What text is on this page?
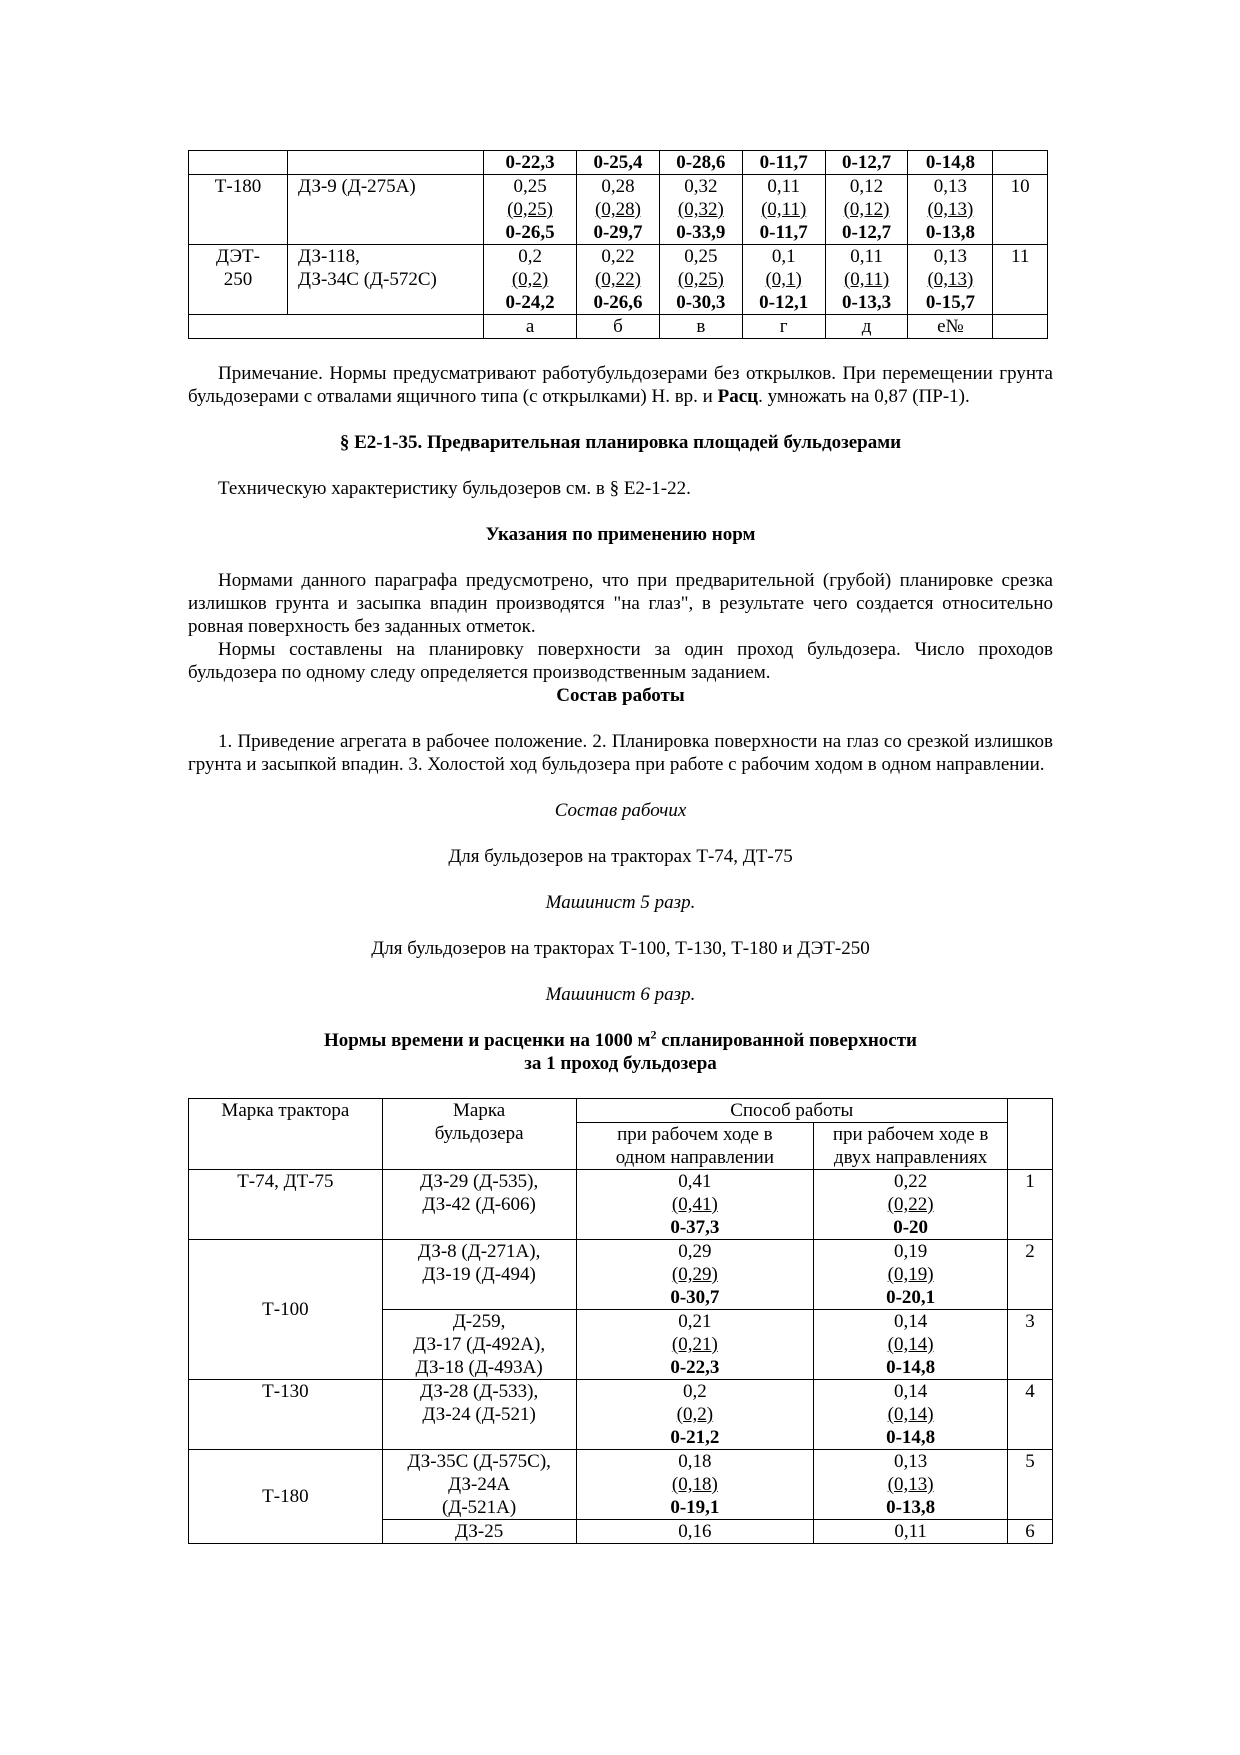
		0-22,3	0-25,4	0-28,6	0-11,7	0-12,7	0-14,8	

Т-180	ДЗ-9 (Д-275А)	0,25
(0,25)
0-26,5	0,28
(0,28)
0-29,7	0,32
(0,32)
0-33,9	0,11
(0,11)
0-11,7	0,12
(0,12)
0-12,7	0,13
(0,13)
0-13,8	10

ДЭТ-
250	ДЗ-118,
ДЗ-34С (Д-572С)	0,2
(0,2)
0-24,2	0,22
(0,22)
0-26,6	0,25
(0,25)
0-30,3	0,1
(0,1)
0-12,1	0,11
(0,11)
0-13,3	0,13
(0,13)
0-15,7	11
		а	б	в	г	д	е№	

Примечание. Нормы предусматривают работубульдозерами без открылков. При перемещении грунта бульдозерами с отвалами ящичного типа (с открылками) Н. вр. и Расц. умножать на 0,87 (ПР-1).

§ Е2-1-35. Предварительная планировка площадей бульдозерами

Техническую характеристику бульдозеров см. в § Е2-1-22.

Указания по применению норм

Нормами данного параграфа предусмотрено, что при предварительной (грубой) планировке срезка излишков грунта и засыпка впадин производятся "на глаз", в результате чего создается относительно ровная поверхность без заданных отметок.

Нормы составлены на планировку поверхности за один проход бульдозера. Число проходов бульдозера по одному следу определяется производственным заданием.

Состав работы

1. Приведение агрегата в рабочее положение. 2. Планировка поверхности на глаз со срезкой излишков грунта и засыпкой впадин. 3. Холостой ход бульдозера при работе с рабочим ходом в одном направлении.

Состав рабочих

Для бульдозеров на тракторах Т-74, ДТ-75

Машинист 5 разр.

Для бульдозеров на тракторах Т-100, Т-130, Т-180 и ДЭТ-250

Машинист 6 разр.

Нормы времени и расценки на 1000 $м^2$ спланированной поверхности
за 1 проход бульдозера

Марка трактора	Марка
бульдозера	Способ работы		

		при рабочем ходе в
одном направлении	при рабочем ходе в
двух направлениях	

Т-74, ДТ-75	ДЗ-29 (Д-535),
ДЗ-42 (Д-606)	0,41
(0,41)
0-37,3	0,22
(0,22)
0-20	1
Т-100	ДЗ-8 (Д-271А),
ДЗ-19 (Д-494)	0,29
(0,29)
0-30,7	0,19
(0,19)
0-20,1	2

	Д-259,
ДЗ-17 (Д-492А),
ДЗ-18 (Д-493А)	0,21
(0,21)
0-22,3	0,14
(0,14)
0-14,8	3
Т-130	ДЗ-28 (Д-533),
ДЗ-24 (Д-521)	0,2
(0,2)
0-21,2	0,14
(0,14)
0-14,8	4
Т-180	ДЗ-35С (Д-575С),
ДЗ-24А
(Д-521А)	0,18
(0,18)
0-19,1	0,13
(0,13)
0-13,8	5

	ДЗ-25	0,16	0,11	6
